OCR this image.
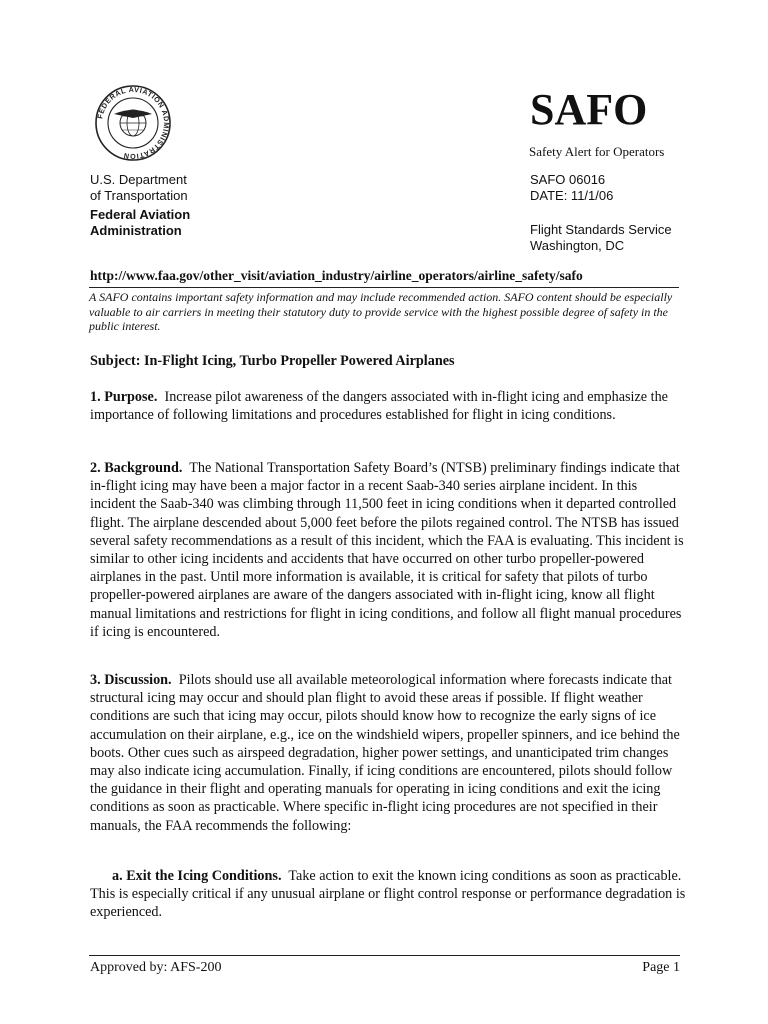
FEDERAL AVIATION ADMINISTRATION
SAFO
Safety Alert for Operators
U.S. Department
of Transportation
Federal Aviation
Administration
SAFO 06016
DATE: 11/1/06
Flight Standards Service
Washington, DC
http://www.faa.gov/other_visit/aviation_industry/airline_operators/airline_safety/safo
A SAFO contains important safety information and may include recommended action. SAFO content should be especially valuable to air carriers in meeting their statutory duty to provide service with the highest possible degree of safety in the public interest.
Subject: In-Flight Icing, Turbo Propeller Powered Airplanes
1. Purpose. Increase pilot awareness of the dangers associated with in-flight icing and emphasize the importance of following limitations and procedures established for flight in icing conditions.
2. Background. The National Transportation Safety Board’s (NTSB) preliminary findings indicate that in-flight icing may have been a major factor in a recent Saab-340 series airplane incident. In this incident the Saab-340 was climbing through 11,500 feet in icing conditions when it departed controlled flight. The airplane descended about 5,000 feet before the pilots regained control. The NTSB has issued several safety recommendations as a result of this incident, which the FAA is evaluating. This incident is similar to other icing incidents and accidents that have occurred on other turbo propeller-powered airplanes in the past. Until more information is available, it is critical for safety that pilots of turbo propeller-powered airplanes are aware of the dangers associated with in-flight icing, know all flight manual limitations and restrictions for flight in icing conditions, and follow all flight manual procedures if icing is encountered.
3. Discussion. Pilots should use all available meteorological information where forecasts indicate that structural icing may occur and should plan flight to avoid these areas if possible. If flight weather conditions are such that icing may occur, pilots should know how to recognize the early signs of ice accumulation on their airplane, e.g., ice on the windshield wipers, propeller spinners, and ice behind the boots. Other cues such as airspeed degradation, higher power settings, and unanticipated trim changes may also indicate icing accumulation. Finally, if icing conditions are encountered, pilots should follow the guidance in their flight and operating manuals for operating in icing conditions and exit the icing conditions as soon as practicable. Where specific in-flight icing procedures are not specified in their manuals, the FAA recommends the following:
a. Exit the Icing Conditions. Take action to exit the known icing conditions as soon as practicable. This is especially critical if any unusual airplane or flight control response or performance degradation is experienced.
Approved by: AFS-200	Page 1
